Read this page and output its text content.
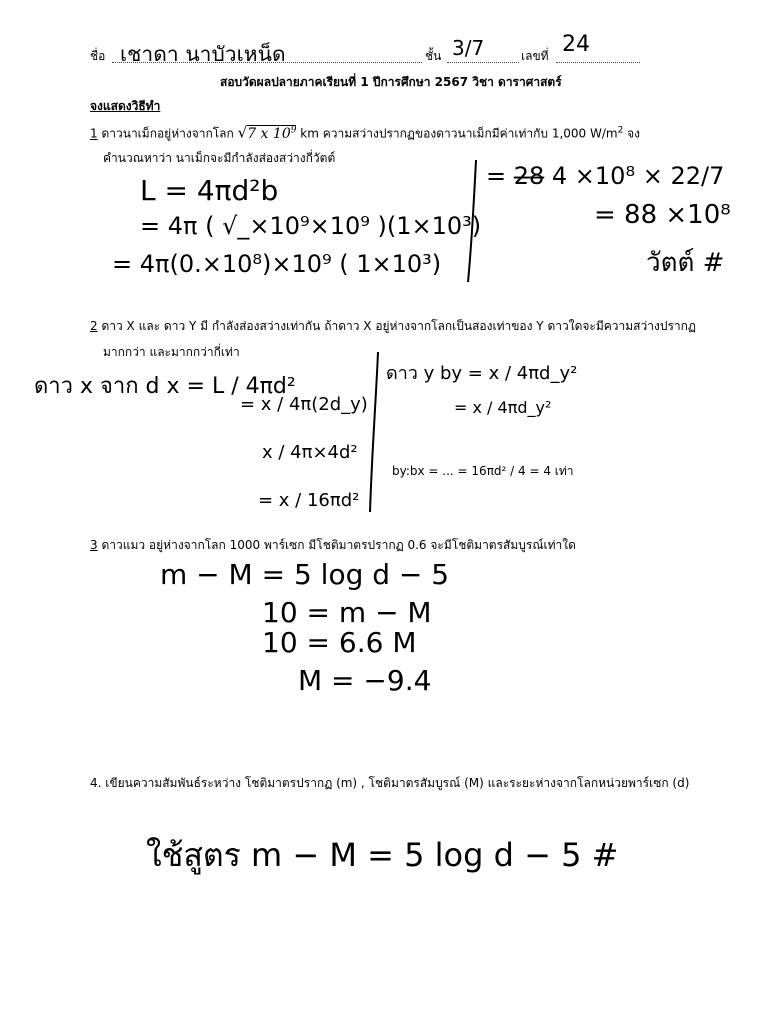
ชื่อ เชาดา นาบัวเหน็ด	ชั้น 3/7	เลขที่ 24
สอบวัดผลปลายภาคเรียนที่ 1 ปีการศึกษา 2567 วิชา ดาราศาสตร์
จงแสดงวิธีทำ
1 ดาวนาเม็กอยู่ห่างจากโลก √7 x $10^9$ km ความสว่างปรากฏของดาวนาเม็กมีค่าเท่ากับ 1,000 $W/m^2$ จง
คำนวณหาว่า นาเม็กจะมีกำลังส่องสว่างกี่วัตต์
L = 4πd²b
= 4π ( √_×10⁹×10⁹ )(1×10³)
= 4π(0.×10⁸)×10⁹ ( 1×10³)
= 2̶8̶ 4 ×10⁸ × 22/7
= 88 ×10⁸
วัตต์ #
2 ดาว X และ ดาว Y มี กำลังส่องสว่างเท่ากัน ถ้าดาว X อยู่ห่างจากโลกเป็นสองเท่าของ Y ดาวใดจะมีความสว่างปรากฏ
มากกว่า และมากกว่ากี่เท่า
ดาว x จาก d x = L / 4πd²
= x / 4π(2d_y)
x / 4π×4d²
= x / 16πd²
ดาว y by = x / 4πd_y²
= x / 4πd_y²
by:bx = ... = 16πd² / 4 = 4 เท่า
3 ดาวแมว อยู่ห่างจากโลก 1000 พาร์เซก มีโชติมาตรปรากฏ 0.6 จะมีโชติมาตรสัมบูรณ์เท่าใด
m − M = 5 log d − 5
10 = m − M
10 = 6.6 M
M = −9.4
4. เขียนความสัมพันธ์ระหว่าง โชติมาตรปรากฏ (m) , โชติมาตรสัมบูรณ์ (M) และระยะห่างจากโลกหน่วยพาร์เซก (d)
ใช้สูตร m − M = 5 log d − 5 #
